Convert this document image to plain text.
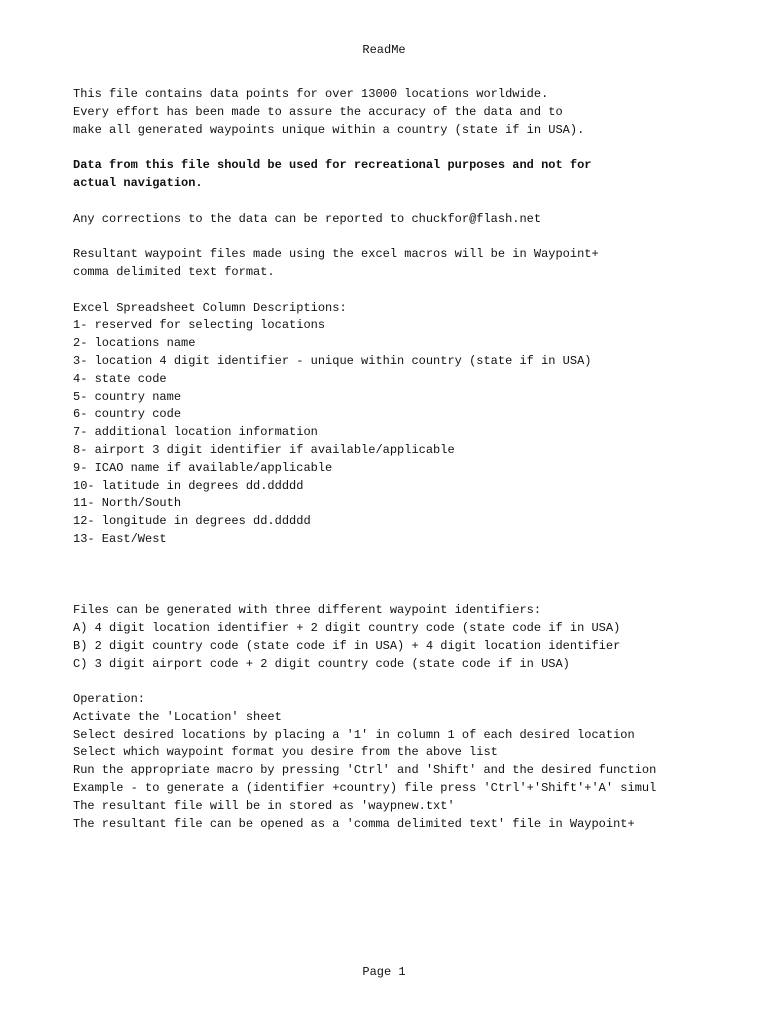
ReadMe
This file contains data points for over 13000 locations worldwide.
Every effort has been made to assure the accuracy of the data and to
make all generated waypoints unique within a country (state if in USA).
Data from this file should be used for recreational purposes and not for
actual navigation.
Any corrections to the data can be reported to chuckfor@flash.net
Resultant waypoint files made using the excel macros will be in Waypoint+
comma delimited text format.
Excel Spreadsheet Column Descriptions:
1- reserved for selecting locations
2- locations name
3- location 4 digit identifier - unique within country (state if in USA)
4- state code
5- country name
6- country code
7- additional location information
8- airport 3 digit identifier if available/applicable
9- ICAO name if available/applicable
10- latitude in degrees dd.ddddd
11- North/South
12- longitude in degrees dd.ddddd
13- East/West
Files can be generated with three different waypoint identifiers:
A) 4 digit location identifier + 2 digit country code (state code if in USA)
B) 2 digit country code (state code if in USA) + 4 digit location identifier
C) 3 digit airport code + 2 digit country code (state code if in USA)
Operation:
Activate the 'Location' sheet
Select desired locations by placing a '1' in column 1 of each desired location
Select which waypoint format you desire from the above list
Run the appropriate macro by pressing 'Ctrl' and 'Shift' and the desired function
Example - to generate a (identifier +country) file press 'Ctrl'+'Shift'+'A' simul
The resultant file will be in stored as 'waypnew.txt'
The resultant file can be opened as a 'comma delimited text' file in Waypoint+
Page 1
